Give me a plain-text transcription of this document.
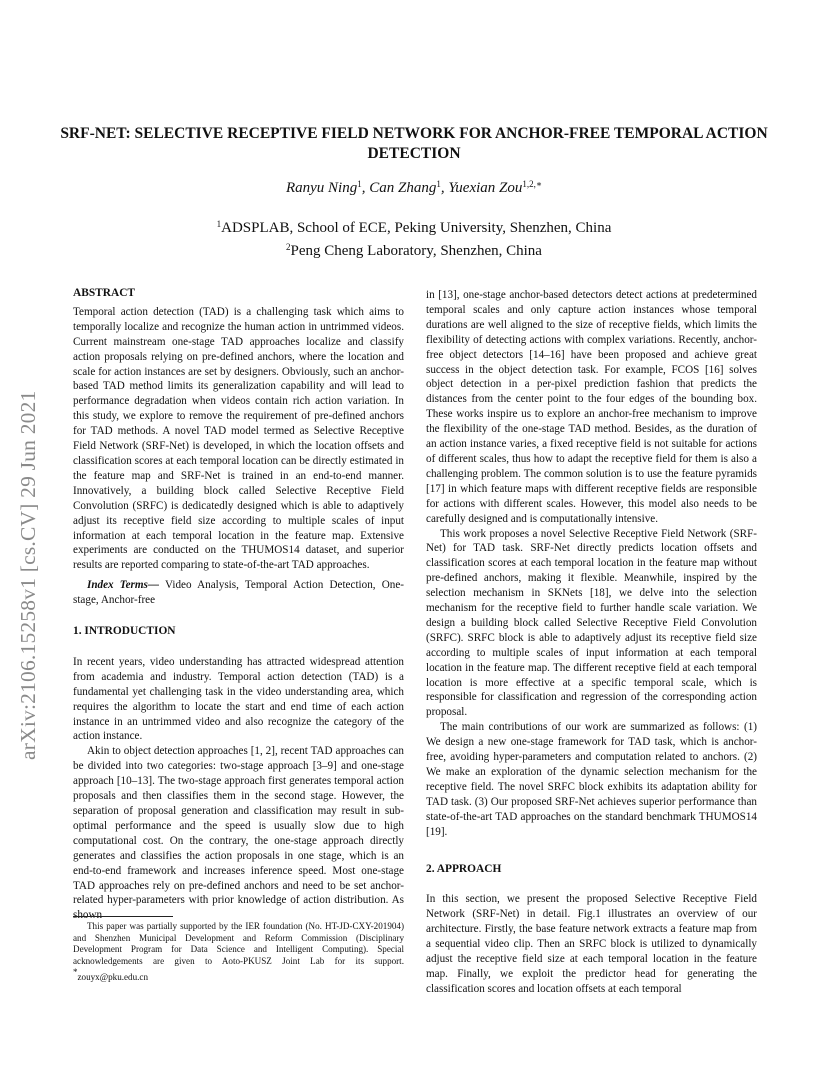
arXiv:2106.15258v1 [cs.CV] 29 Jun 2021
SRF-NET: SELECTIVE RECEPTIVE FIELD NETWORK FOR ANCHOR-FREE TEMPORAL ACTION DETECTION
Ranyu Ning$^1$, Can Zhang$^1$, Yuexian Zou$^{1,2,∗}$
$^1$ADSPLAB, School of ECE, Peking University, Shenzhen, China
$^2$Peng Cheng Laboratory, Shenzhen, China

ABSTRACT

Temporal action detection (TAD) is a challenging task which aims to temporally localize and recognize the human action in untrimmed videos. Current mainstream one-stage TAD approaches localize and classify action proposals relying on pre-defined anchors, where the location and scale for action instances are set by designers. Obviously, such an anchor-based TAD method limits its generalization capability and will lead to performance degradation when videos contain rich action variation. In this study, we explore to remove the requirement of pre-defined anchors for TAD methods. A novel TAD model termed as Selective Receptive Field Network (SRF-Net) is developed, in which the location offsets and classification scores at each temporal location can be directly estimated in the feature map and SRF-Net is trained in an end-to-end manner. Innovatively, a building block called Selective Receptive Field Convolution (SRFC) is dedicatedly designed which is able to adaptively adjust its receptive field size according to multiple scales of input information at each temporal location in the feature map. Extensive experiments are conducted on the THUMOS14 dataset, and superior results are reported comparing to state-of-the-art TAD approaches.

Index Terms— Video Analysis, Temporal Action Detection, One-stage, Anchor-free

1. INTRODUCTION

In recent years, video understanding has attracted widespread attention from academia and industry. Temporal action detection (TAD) is a fundamental yet challenging task in the video understanding area, which requires the algorithm to locate the start and end time of each action instance in an untrimmed video and also recognize the category of the action instance.

Akin to object detection approaches [1, 2], recent TAD approaches can be divided into two categories: two-stage approach [3–9] and one-stage approach [10–13]. The two-stage approach first generates temporal action proposals and then classifies them in the second stage. However, the separation of proposal generation and classification may result in sub-optimal performance and the speed is usually slow due to high computational cost. On the contrary, the one-stage approach directly generates and classifies the action proposals in one stage, which is an end-to-end framework and increases inference speed. Most one-stage TAD approaches rely on pre-defined anchors and need to be set anchor-related hyper-parameters with prior knowledge of action distribution. As shown

This paper was partially supported by the IER foundation (No. HT-JD-CXY-201904) and Shenzhen Municipal Development and Reform Commission (Disciplinary Development Program for Data Science and Intelligent Computing). Special acknowledgements are given to Aoto-PKUSZ Joint Lab for its support. *zouyx@pku.edu.cn

in [13], one-stage anchor-based detectors detect actions at predetermined temporal scales and only capture action instances whose temporal durations are well aligned to the size of receptive fields, which limits the flexibility of detecting actions with complex variations. Recently, anchor-free object detectors [14–16] have been proposed and achieve great success in the object detection task. For example, FCOS [16] solves object detection in a per-pixel prediction fashion that predicts the distances from the center point to the four edges of the bounding box. These works inspire us to explore an anchor-free mechanism to improve the flexibility of the one-stage TAD method. Besides, as the duration of an action instance varies, a fixed receptive field is not suitable for actions of different scales, thus how to adapt the receptive field for them is also a challenging problem. The common solution is to use the feature pyramids [17] in which feature maps with different receptive fields are responsible for actions with different scales. However, this model also needs to be carefully designed and is computationally intensive.

This work proposes a novel Selective Receptive Field Network (SRF-Net) for TAD task. SRF-Net directly predicts location offsets and classification scores at each temporal location in the feature map without pre-defined anchors, making it flexible. Meanwhile, inspired by the selection mechanism in SKNets [18], we delve into the selection mechanism for the receptive field to further handle scale variation. We design a building block called Selective Receptive Field Convolution (SRFC). SRFC block is able to adaptively adjust its receptive field size according to multiple scales of input information at each temporal location in the feature map. The different receptive field at each temporal location is more effective at a specific temporal scale, which is responsible for classification and regression of the corresponding action proposal.

The main contributions of our work are summarized as follows: (1) We design a new one-stage framework for TAD task, which is anchor-free, avoiding hyper-parameters and computation related to anchors. (2) We make an exploration of the dynamic selection mechanism for the receptive field. The novel SRFC block exhibits its adaptation ability for TAD task. (3) Our proposed SRF-Net achieves superior performance than state-of-the-art TAD approaches on the standard benchmark THUMOS14 [19].

2. APPROACH

In this section, we present the proposed Selective Receptive Field Network (SRF-Net) in detail. Fig.1 illustrates an overview of our architecture. Firstly, the base feature network extracts a feature map from a sequential video clip. Then an SRFC block is utilized to dynamically adjust the receptive field size at each temporal location in the feature map. Finally, we exploit the predictor head for generating the classification scores and location offsets at each temporal
